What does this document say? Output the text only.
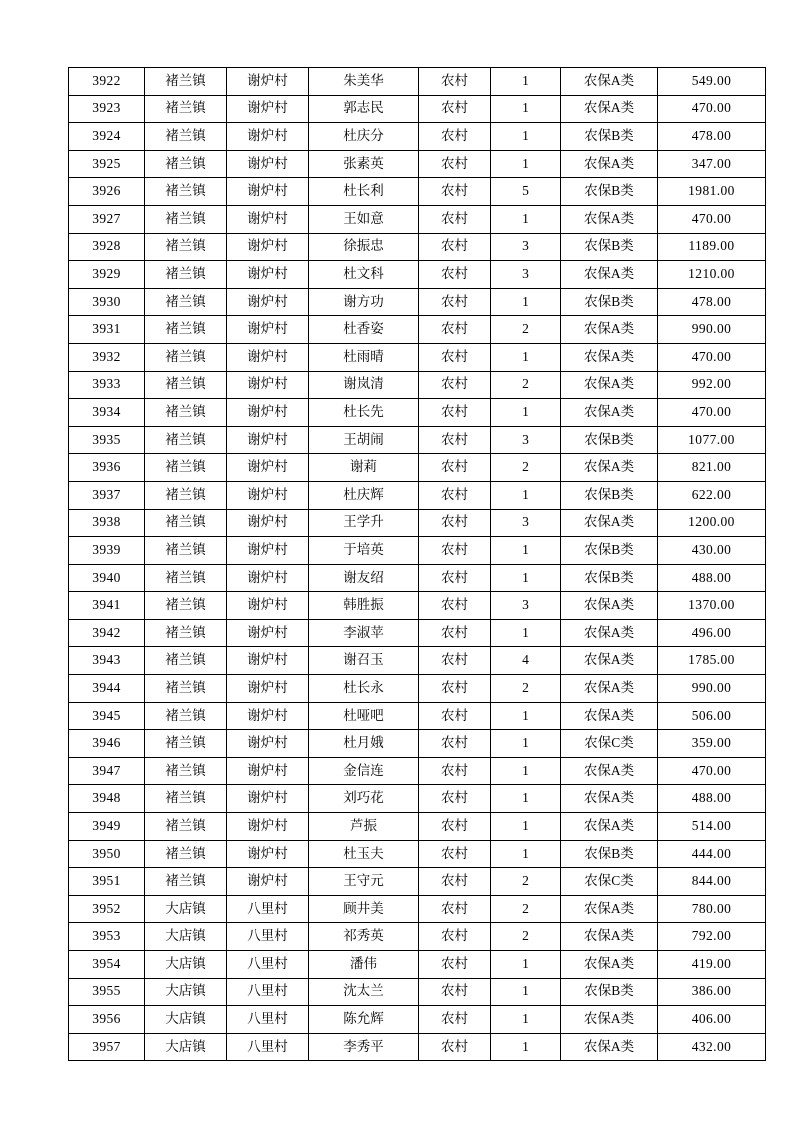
3922	褚兰镇	谢炉村	朱美华	农村	1	农保A类	549.00
3923	褚兰镇	谢炉村	郭志民	农村	1	农保A类	470.00
3924	褚兰镇	谢炉村	杜庆分	农村	1	农保B类	478.00
3925	褚兰镇	谢炉村	张素英	农村	1	农保A类	347.00
3926	褚兰镇	谢炉村	杜长利	农村	5	农保B类	1981.00
3927	褚兰镇	谢炉村	王如意	农村	1	农保A类	470.00
3928	褚兰镇	谢炉村	徐振忠	农村	3	农保B类	1189.00
3929	褚兰镇	谢炉村	杜文科	农村	3	农保A类	1210.00
3930	褚兰镇	谢炉村	谢方功	农村	1	农保B类	478.00
3931	褚兰镇	谢炉村	杜香姿	农村	2	农保A类	990.00
3932	褚兰镇	谢炉村	杜雨晴	农村	1	农保A类	470.00
3933	褚兰镇	谢炉村	谢岚清	农村	2	农保A类	992.00
3934	褚兰镇	谢炉村	杜长先	农村	1	农保A类	470.00
3935	褚兰镇	谢炉村	王胡闹	农村	3	农保B类	1077.00
3936	褚兰镇	谢炉村	谢莉	农村	2	农保A类	821.00
3937	褚兰镇	谢炉村	杜庆辉	农村	1	农保B类	622.00
3938	褚兰镇	谢炉村	王学升	农村	3	农保A类	1200.00
3939	褚兰镇	谢炉村	于培英	农村	1	农保B类	430.00
3940	褚兰镇	谢炉村	谢友绍	农村	1	农保B类	488.00
3941	褚兰镇	谢炉村	韩胜振	农村	3	农保A类	1370.00
3942	褚兰镇	谢炉村	李淑苹	农村	1	农保A类	496.00
3943	褚兰镇	谢炉村	谢召玉	农村	4	农保A类	1785.00
3944	褚兰镇	谢炉村	杜长永	农村	2	农保A类	990.00
3945	褚兰镇	谢炉村	杜哑吧	农村	1	农保A类	506.00
3946	褚兰镇	谢炉村	杜月娥	农村	1	农保C类	359.00
3947	褚兰镇	谢炉村	金信连	农村	1	农保A类	470.00
3948	褚兰镇	谢炉村	刘巧花	农村	1	农保A类	488.00
3949	褚兰镇	谢炉村	芦振	农村	1	农保A类	514.00
3950	褚兰镇	谢炉村	杜玉夫	农村	1	农保B类	444.00
3951	褚兰镇	谢炉村	王守元	农村	2	农保C类	844.00
3952	大店镇	八里村	顾井美	农村	2	农保A类	780.00
3953	大店镇	八里村	祁秀英	农村	2	农保A类	792.00
3954	大店镇	八里村	潘伟	农村	1	农保A类	419.00
3955	大店镇	八里村	沈太兰	农村	1	农保B类	386.00
3956	大店镇	八里村	陈允辉	农村	1	农保A类	406.00
3957	大店镇	八里村	李秀平	农村	1	农保A类	432.00
